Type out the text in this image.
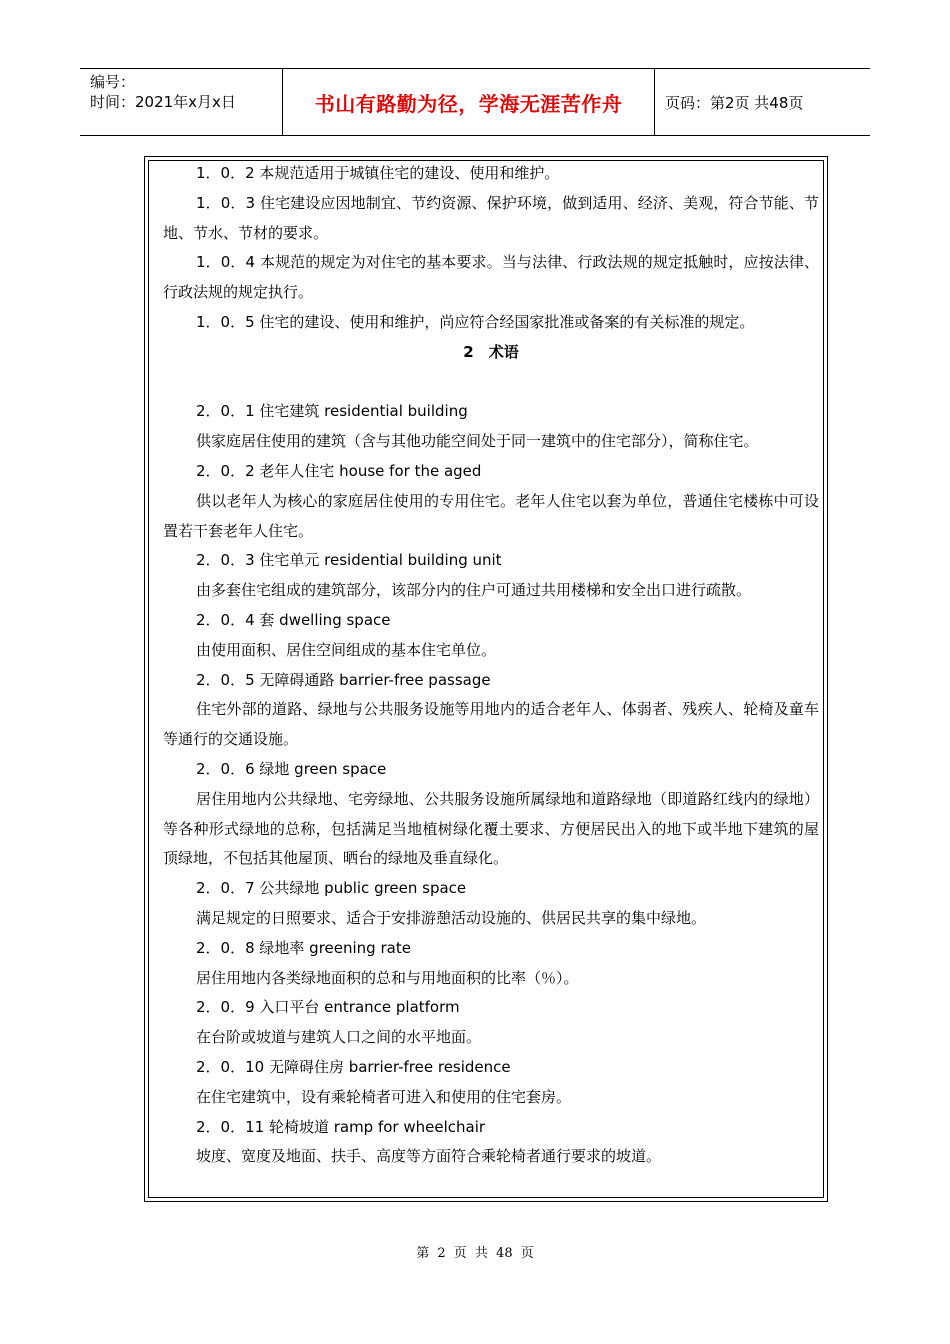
编号：
时间：2021年x月x日	书山有路勤为径，学海无涯苦作舟	页码：第2页 共48页

1．0．2 本规范适用于城镇住宅的建设、使用和维护。

1．0．3 住宅建设应因地制宜、节约资源、保护环境，做到适用、经济、美观，符合节能、节地、节水、节材的要求。

1．0．4 本规范的规定为对住宅的基本要求。当与法律、行政法规的规定抵触时，应按法律、行政法规的规定执行。

1．0．5 住宅的建设、使用和维护，尚应符合经国家批准或备案的有关标准的规定。

2　术语

2．0．1 住宅建筑 residential building

供家庭居住使用的建筑（含与其他功能空间处于同一建筑中的住宅部分），简称住宅。

2．0．2 老年人住宅 house for the aged

供以老年人为核心的家庭居住使用的专用住宅。老年人住宅以套为单位，普通住宅楼栋中可设置若干套老年人住宅。

2．0．3 住宅单元 residential building unit

由多套住宅组成的建筑部分，该部分内的住户可通过共用楼梯和安全出口进行疏散。

2．0．4 套 dwelling space

由使用面积、居住空间组成的基本住宅单位。

2．0．5 无障碍通路 barrier-free passage

住宅外部的道路、绿地与公共服务设施等用地内的适合老年人、体弱者、残疾人、轮椅及童车等通行的交通设施。

2．0．6 绿地 green space

居住用地内公共绿地、宅旁绿地、公共服务设施所属绿地和道路绿地（即道路红线内的绿地）等各种形式绿地的总称，包括满足当地植树绿化覆土要求、方便居民出入的地下或半地下建筑的屋顶绿地，不包括其他屋顶、晒台的绿地及垂直绿化。

2．0．7 公共绿地 public green space

满足规定的日照要求、适合于安排游憩活动设施的、供居民共享的集中绿地。

2．0．8 绿地率 greening rate

居住用地内各类绿地面积的总和与用地面积的比率（％）。

2．0．9 入口平台 entrance platform

在台阶或坡道与建筑人口之间的水平地面。

2．0．10 无障碍住房 barrier-free residence

在住宅建筑中，设有乘轮椅者可进入和使用的住宅套房。

2．0．11 轮椅坡道 ramp for wheelchair

坡度、宽度及地面、扶手、高度等方面符合乘轮椅者通行要求的坡道。

第 2 页 共 48 页
